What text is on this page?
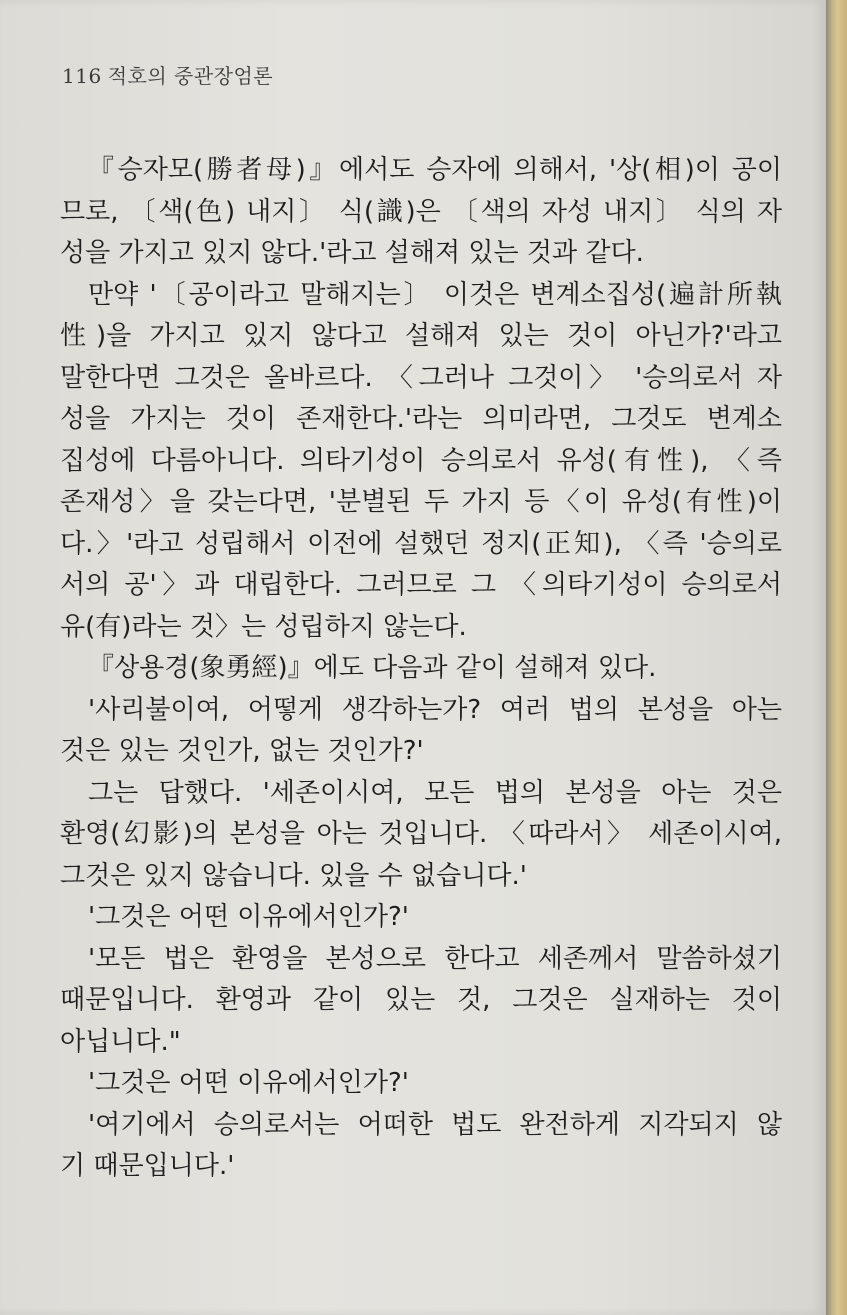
116 적호의 중관장엄론
『승자모(勝者母)』에서도 승자에 의해서, '상(相)이 공이
므로, 〔색(色) 내지〕 식(識)은 〔색의 자성 내지〕 식의 자
성을 가지고 있지 않다.'라고 설해져 있는 것과 같다.
만약 '〔공이라고 말해지는〕 이것은 변계소집성(遍計所執
性)을 가지고 있지 않다고 설해져 있는 것이 아닌가?'라고
말한다면 그것은 올바르다. 〈그러나 그것이〉 '승의로서 자
성을 가지는 것이 존재한다.'라는 의미라면, 그것도 변계소
집성에 다름아니다. 의타기성이 승의로서 유성(有性), 〈즉
존재성〉을 갖는다면, '분별된 두 가지 등〈이 유성(有性)이
다.〉'라고 성립해서 이전에 설했던 정지(正知), 〈즉 '승의로
서의 공'〉과 대립한다. 그러므로 그 〈의타기성이 승의로서
유(有)라는 것〉는 성립하지 않는다.
『상용경(象勇經)』에도 다음과 같이 설해져 있다.
'사리불이여, 어떻게 생각하는가? 여러 법의 본성을 아는
것은 있는 것인가, 없는 것인가?'
그는 답했다. '세존이시여, 모든 법의 본성을 아는 것은
환영(幻影)의 본성을 아는 것입니다. 〈따라서〉 세존이시여,
그것은 있지 않습니다. 있을 수 없습니다.'
'그것은 어떤 이유에서인가?'
'모든 법은 환영을 본성으로 한다고 세존께서 말씀하셨기
때문입니다. 환영과 같이 있는 것, 그것은 실재하는 것이
아닙니다."
'그것은 어떤 이유에서인가?'
'여기에서 승의로서는 어떠한 법도 완전하게 지각되지 않
기 때문입니다.'
